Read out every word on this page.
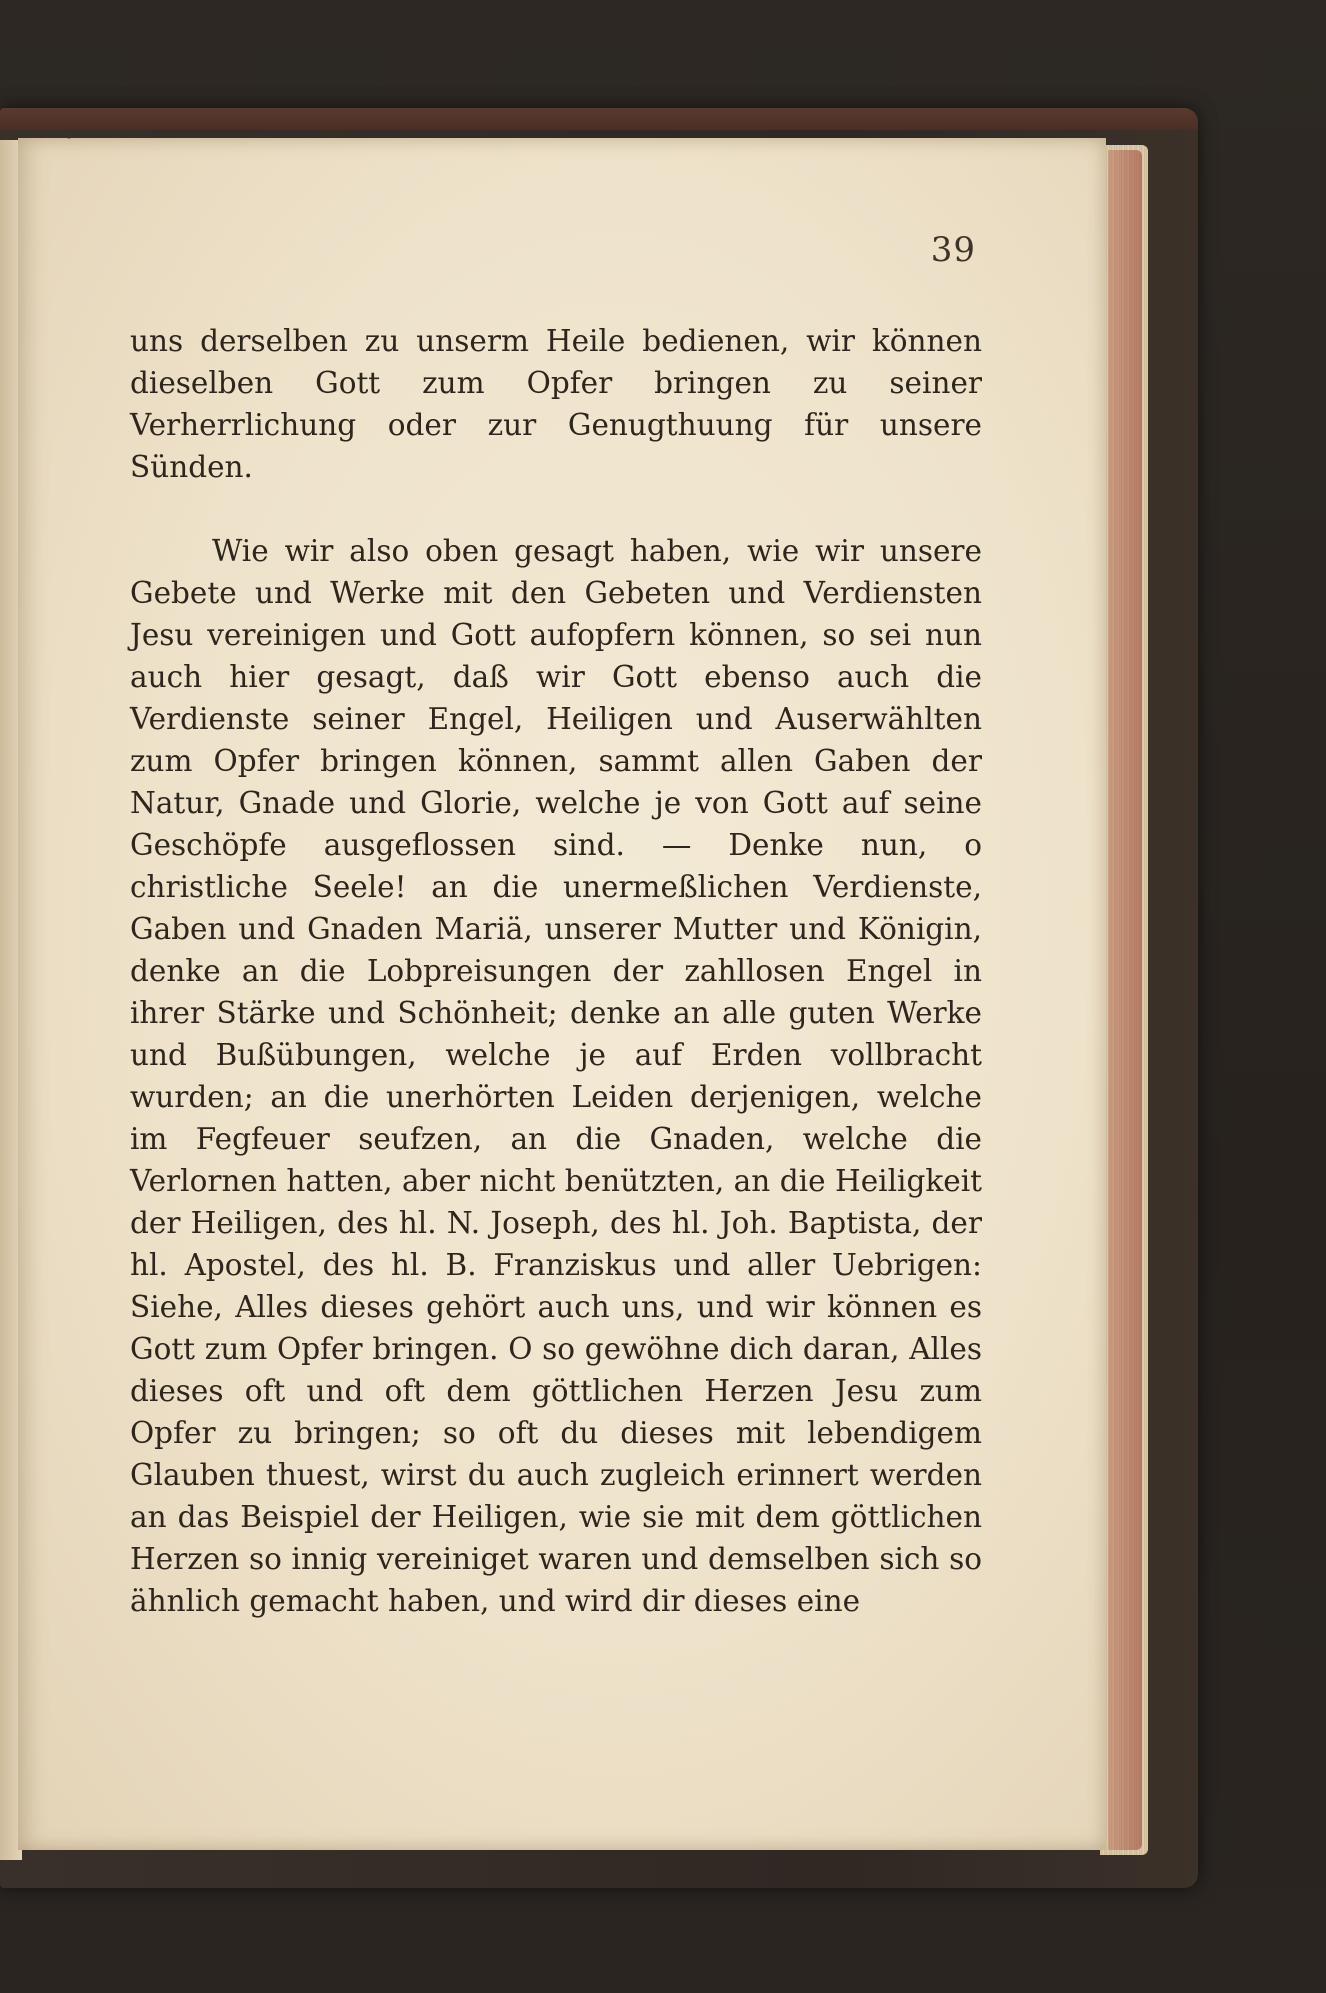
39
•

uns derselben zu unserm Heile bedienen, wir können dieselben Gott zum Opfer bringen zu seiner Verherrlichung oder zur Genugthuung für unsere Sünden.

Wie wir also oben gesagt haben, wie wir unsere Gebete und Werke mit den Gebeten und Verdiensten Jesu vereinigen und Gott aufopfern können, so sei nun auch hier gesagt, daß wir Gott ebenso auch die Verdienste seiner Engel, Heiligen und Auserwählten zum Opfer bringen können, sammt allen Gaben der Natur, Gnade und Glorie, welche je von Gott auf seine Geschöpfe ausgeflossen sind. — Denke nun, o christliche Seele! an die unermeßlichen Verdienste, Gaben und Gnaden Mariä, unserer Mutter und Königin, denke an die Lobpreisungen der zahllosen Engel in ihrer Stärke und Schönheit; denke an alle guten Werke und Bußübungen, welche je auf Erden vollbracht wurden; an die unerhörten Leiden derjenigen, welche im Fegfeuer seufzen, an die Gnaden, welche die Verlornen hatten, aber nicht benützten, an die Heiligkeit der Heiligen, des hl. N. Joseph, des hl. Joh. Baptista, der hl. Apostel, des hl. B. Franziskus und aller Uebrigen: Siehe, Alles dieses gehört auch uns, und wir können es Gott zum Opfer bringen. O so gewöhne dich daran, Alles dieses oft und oft dem göttlichen Herzen Jesu zum Opfer zu bringen; so oft du dieses mit lebendigem Glauben thuest, wirst du auch zugleich erinnert werden an das Beispiel der Heiligen, wie sie mit dem göttlichen Herzen so innig vereiniget waren und demselben sich so ähnlich gemacht haben, und wird dir dieses eine
